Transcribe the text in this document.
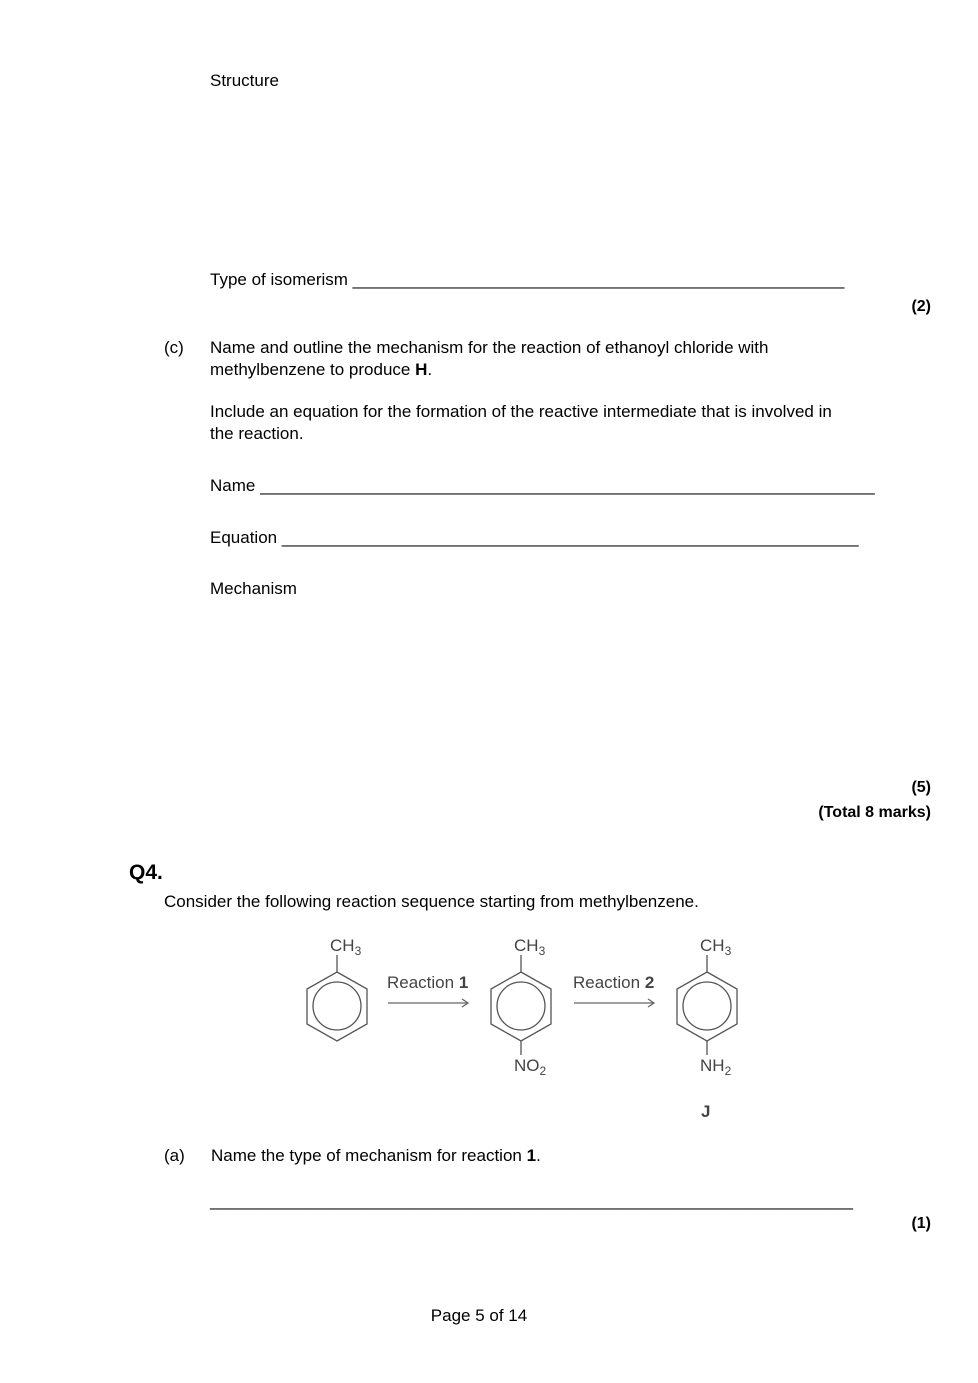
Structure
Type of isomerism ____________________________________________________
(2)
(c) Name and outline the mechanism for the reaction of ethanoyl chloride with
methylbenzene to produce H.
Include an equation for the formation of the reactive intermediate that is involved in
the reaction.
Name _________________________________________________________________
Equation _____________________________________________________________
Mechanism
(5)
(Total 8 marks)
Q4.
Consider the following reaction sequence starting from methylbenzene.
$CH_3$
Reaction 1
$CH_3$
$NO_2$
Reaction 2
$CH_3$
$NH_2$
J
(a) Name the type of mechanism for reaction 1.
____________________________________________________________________
(1)
Page 5 of 14
